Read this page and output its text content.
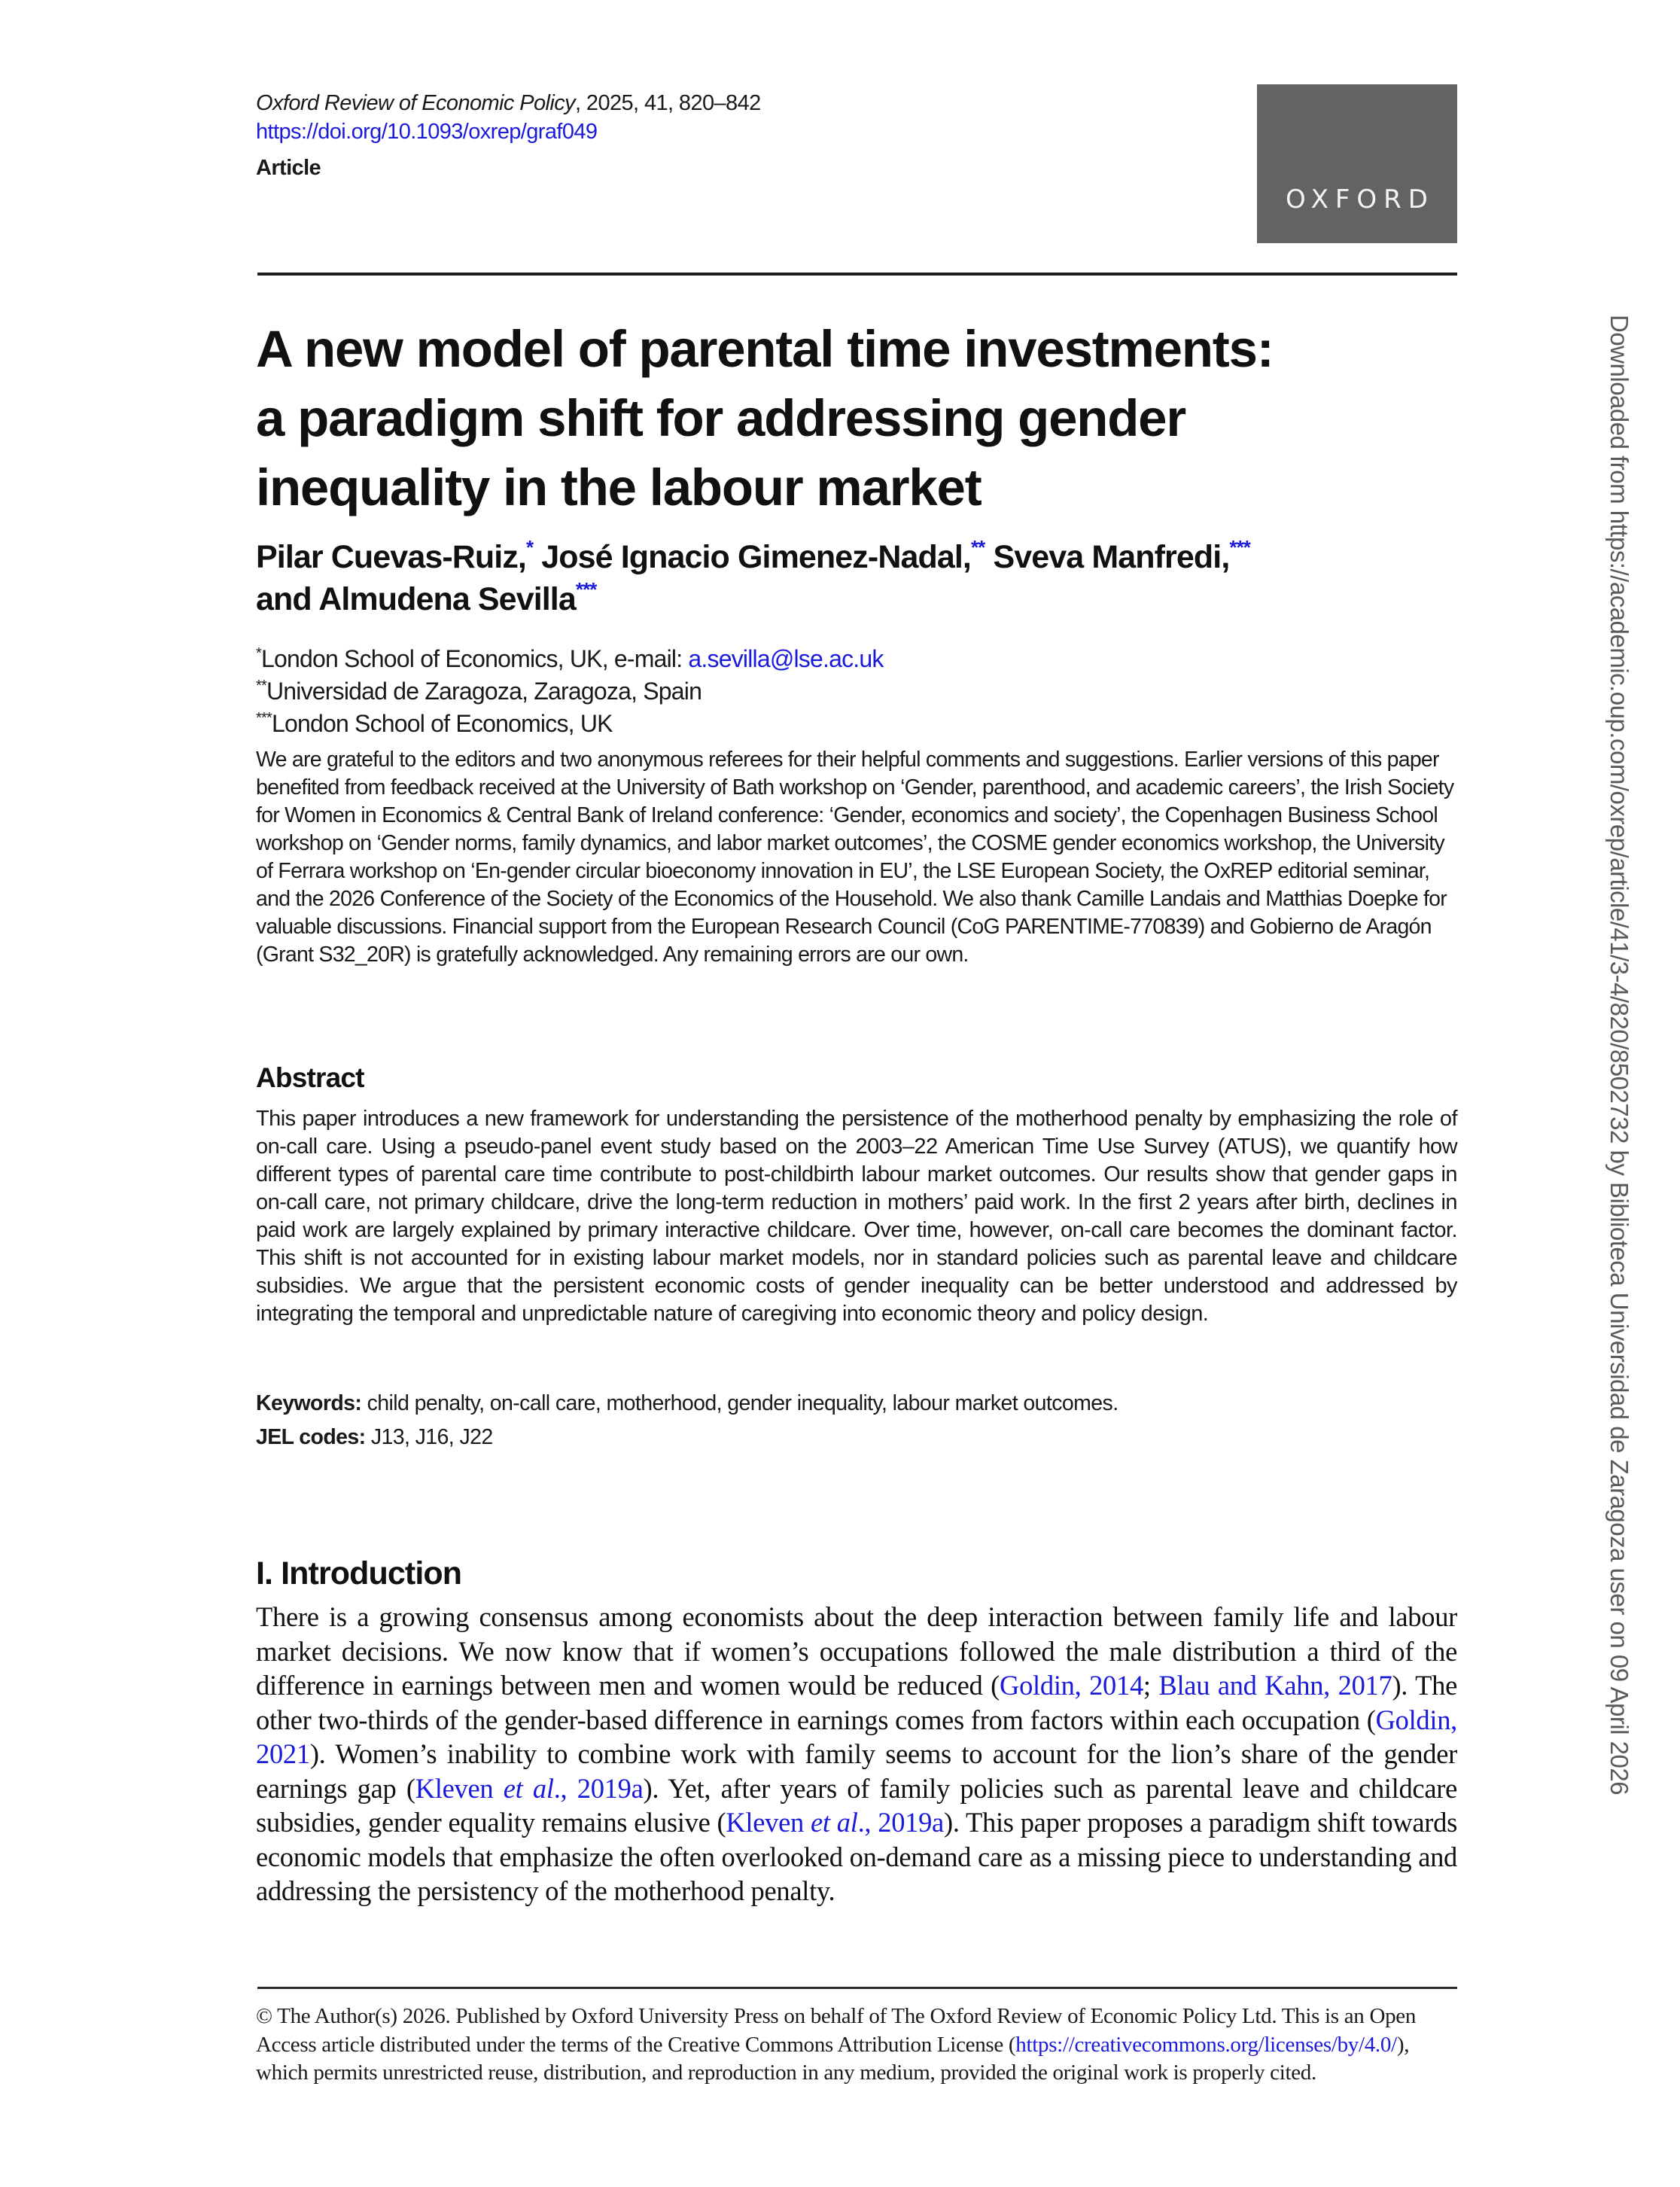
Oxford Review of Economic Policy, 2025, 41, 820–842
https://doi.org/10.1093/oxrep/graf049
Article
OXFORD
A new model of parental time investments:
a paradigm shift for addressing gender
inequality in the labour market
Pilar Cuevas-Ruiz,* José Ignacio Gimenez-Nadal,** Sveva Manfredi,***
and Almudena Sevilla***
*London School of Economics, UK, e-mail: a.sevilla@lse.ac.uk
**Universidad de Zaragoza, Zaragoza, Spain
***London School of Economics, UK

We are grateful to the editors and two anonymous referees for their helpful comments and suggestions. Earlier versions of this paper benefited from feedback received at the University of Bath workshop on ‘Gender, parenthood, and academic careers’, the Irish Society for Women in Economics & Central Bank of Ireland conference: ‘Gender, economics and society’, the Copenhagen Business School workshop on ‘Gender norms, family dynamics, and labor market outcomes’, the COSME gender economics workshop, the University of Ferrara workshop on ‘En-gender circular bioeconomy innovation in EU’, the LSE European Society, the OxREP editorial seminar, and the 2026 Conference of the Society of the Economics of the Household. We also thank Camille Landais and Matthias Doepke for valuable discussions. Financial support from the European Research Council (CoG PARENTIME-770839) and Gobierno de Aragón (Grant S32_20R) is gratefully acknowledged. Any remaining errors are our own.

Abstract

This paper introduces a new framework for understanding the persistence of the motherhood penalty by emphasizing the role of on-call care. Using a pseudo-panel event study based on the 2003–22 American Time Use Survey (ATUS), we quantify how different types of parental care time contribute to post-childbirth labour market outcomes. Our results show that gender gaps in on-call care, not primary childcare, drive the long-term reduction in mothers’ paid work. In the first 2 years after birth, declines in paid work are largely explained by primary interactive childcare. Over time, however, on-call care becomes the dominant factor. This shift is not accounted for in existing labour market models, nor in standard policies such as parental leave and childcare subsidies. We argue that the persistent economic costs of gender inequality can be better understood and addressed by integrating the temporal and unpredictable nature of caregiving into economic theory and policy design.

Keywords: child penalty, on-call care, motherhood, gender inequality, labour market outcomes.

JEL codes: J13, J16, J22

I. Introduction

There is a growing consensus among economists about the deep interaction between family life and labour market decisions. We now know that if women’s occupations followed the male distribution a third of the difference in earnings between men and women would be reduced (Goldin, 2014; Blau and Kahn, 2017). The other two-thirds of the gender-based difference in earnings comes from factors within each occupation (Goldin, 2021). Women’s inability to combine work with family seems to account for the lion’s share of the gender earnings gap (Kleven et al., 2019a). Yet, after years of family policies such as parental leave and childcare subsidies, gender equality remains elusive (Kleven et al., 2019a). This paper proposes a paradigm shift towards economic models that emphasize the often overlooked on-demand care as a missing piece to understanding and addressing the persistency of the motherhood penalty.

© The Author(s) 2026. Published by Oxford University Press on behalf of The Oxford Review of Economic Policy Ltd. This is an Open Access article distributed under the terms of the Creative Commons Attribution License (https://creativecommons.org/licenses/by/4.0/), which permits unrestricted reuse, distribution, and reproduction in any medium, provided the original work is properly cited.

Downloaded from https://academic.oup.com/oxrep/article/41/3-4/820/8502732 by Biblioteca Universidad de Zaragoza user on 09 April 2026
